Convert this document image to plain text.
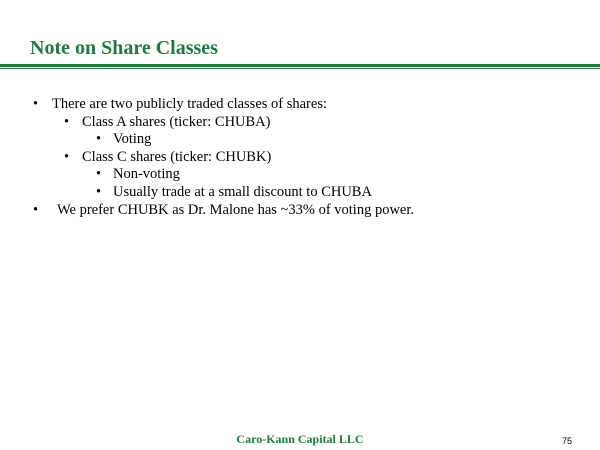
Note on Share Classes
• There are two publicly traded classes of shares:
• Class A shares (ticker: CHUBA)
• Voting
• Class C shares (ticker: CHUBK)
• Non-voting
• Usually trade at a small discount to CHUBA
• We prefer CHUBK as Dr. Malone has ~33% of voting power.
Caro-Kann Capital LLC	75
